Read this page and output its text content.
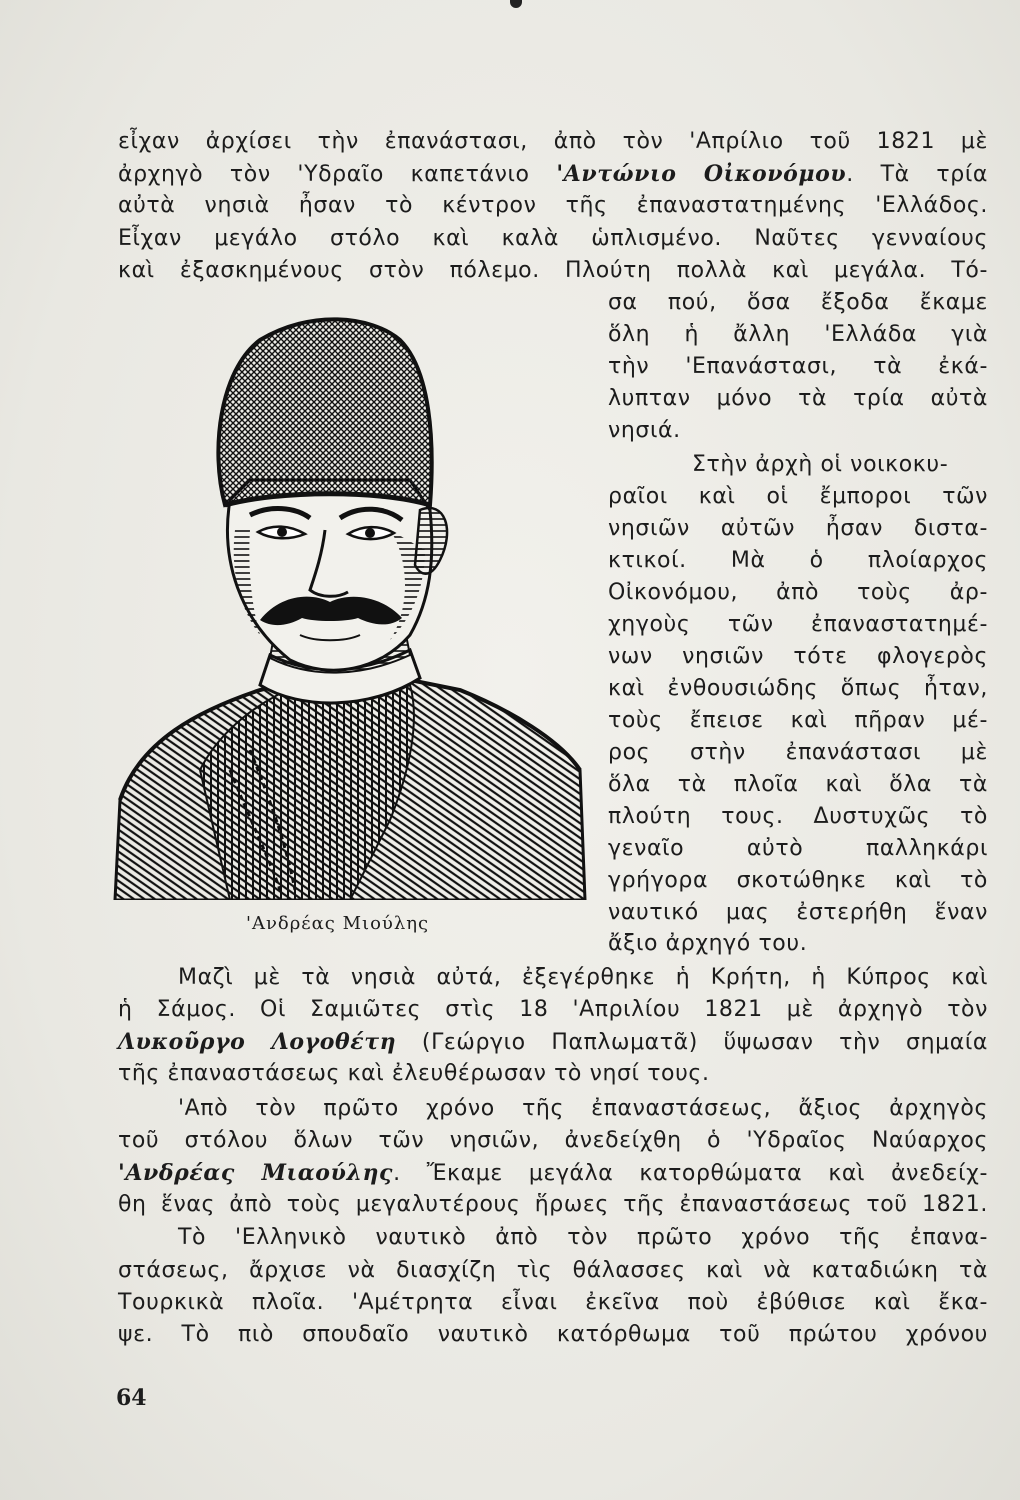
εἶχαν ἀρχίσει τὴν ἐπανάστασι, ἀπὸ τὸν 'Απρίλιο τοῦ 1821 μὲ
ἀρχηγὸ τὸν 'Υδραῖο καπετάνιο 'Αντώνιο Οἰκονόμου. Τὰ τρία
αὐτὰ νησιὰ ἦσαν τὸ κέντρον τῆς ἐπαναστατημένης 'Ελλάδος.
Εἶχαν μεγάλο στόλο καὶ καλὰ ὡπλισμένο. Ναῦτες γενναίους
καὶ ἐξασκημένους στὸν πόλεμο. Πλούτη πολλὰ καὶ μεγάλα. Τό-
σα πού, ὅσα ἔξοδα ἔκαμε
ὅλη ἡ ἄλλη 'Ελλάδα γιὰ
τὴν 'Επανάστασι, τὰ ἐκά-
λυπταν μόνο τὰ τρία αὐτὰ
νησιά.
Στὴν ἀρχὴ οἱ νοικοκυ-
ραῖοι καὶ οἱ ἔμποροι τῶν
νησιῶν αὐτῶν ἦσαν διστα-
κτικοί. Μὰ ὁ πλοίαρχος
Οἰκονόμου, ἀπὸ τοὺς ἀρ-
χηγοὺς τῶν ἐπαναστατημέ-
νων νησιῶν τότε φλογερὸς
καὶ ἐνθουσιώδης ὅπως ἦταν,
τοὺς ἔπεισε καὶ πῆραν μέ-
ρος στὴν ἐπανάστασι μὲ
ὅλα τὰ πλοῖα καὶ ὅλα τὰ
πλούτη τους. Δυστυχῶς τὸ
γεναῖο αὐτὸ παλληκάρι
γρήγορα σκοτώθηκε καὶ τὸ
ναυτικό μας ἐστερήθη ἕναν
ἄξιο ἀρχηγό του.
'Ανδρέας Μιούλης
Μαζὶ μὲ τὰ νησιὰ αὐτά, ἐξεγέρθηκε ἡ Κρήτη, ἡ Κύπρος καὶ
ἡ Σάμος. Οἱ Σαμιῶτες στὶς 18 'Απριλίου 1821 μὲ ἀρχηγὸ τὸν
Λυκοῦργο Λογοθέτη (Γεώργιο Παπλωματᾶ) ὕψωσαν τὴν σημαία
τῆς ἐπαναστάσεως καὶ ἐλευθέρωσαν τὸ νησί τους.
'Απὸ τὸν πρῶτο χρόνο τῆς ἐπαναστάσεως, ἄξιος ἀρχηγὸς
τοῦ στόλου ὅλων τῶν νησιῶν, ἀνεδείχθη ὁ 'Υδραῖος Ναύαρχος
'Ανδρέας Μιαούλης. Ἔκαμε μεγάλα κατορθώματα καὶ ἀνεδείχ-
θη ἕνας ἀπὸ τοὺς μεγαλυτέρους ἥρωες τῆς ἐπαναστάσεως τοῦ 1821.
Τὸ 'Ελληνικὸ ναυτικὸ ἀπὸ τὸν πρῶτο χρόνο τῆς ἐπανα-
στάσεως, ἄρχισε νὰ διασχίζη τὶς θάλασσες καὶ νὰ καταδιώκη τὰ
Τουρκικὰ πλοῖα. 'Αμέτρητα εἶναι ἐκεῖνα ποὺ ἐβύθισε καὶ ἔκα-
ψε. Τὸ πιὸ σπουδαῖο ναυτικὸ κατόρθωμα τοῦ πρώτου χρόνου
64
